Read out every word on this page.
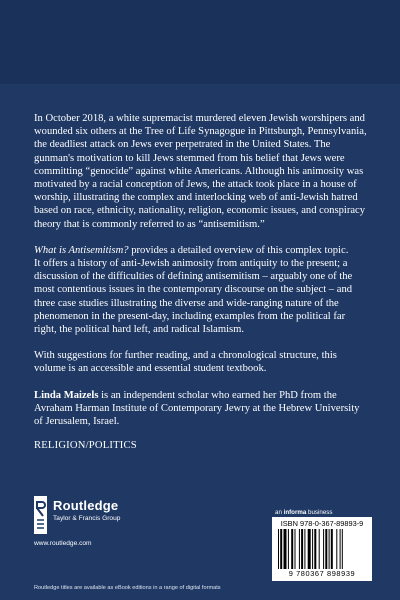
In October 2018, a white supremacist murdered eleven Jewish worshipers and wounded six others at the Tree of Life Synagogue in Pittsburgh, Pennsylvania, the deadliest attack on Jews ever perpetrated in the United States. The gunman's motivation to kill Jews stemmed from his belief that Jews were committing “genocide” against white Americans. Although his animosity was motivated by a racial conception of Jews, the attack took place in a house of worship, illustrating the complex and interlocking web of anti-Jewish hatred based on race, ethnicity, nationality, religion, economic issues, and conspiracy theory that is commonly referred to as “antisemitism.”

What is Antisemitism? provides a detailed overview of this complex topic.

It offers a history of anti-Jewish animosity from antiquity to the present; a discussion of the difficulties of defining antisemitism – arguably one of the most contentious issues in the contemporary discourse on the subject – and three case studies illustrating the diverse and wide-ranging nature of the phenomenon in the present-day, including examples from the political far right, the political hard left, and radical Islamism.

With suggestions for further reading, and a chronological structure, this volume is an accessible and essential student textbook.

Linda Maizels is an independent scholar who earned her PhD from the Avraham Harman Institute of Contemporary Jewry at the Hebrew University of Jerusalem, Israel.

RELIGION/POLITICS
Routledge
Taylor & Francis Group
www.routledge.com
an informa business
ISBN 978-0-367-89893-9
9 780367 898939
Routledge titles are available as eBook editions in a range of digital formats
